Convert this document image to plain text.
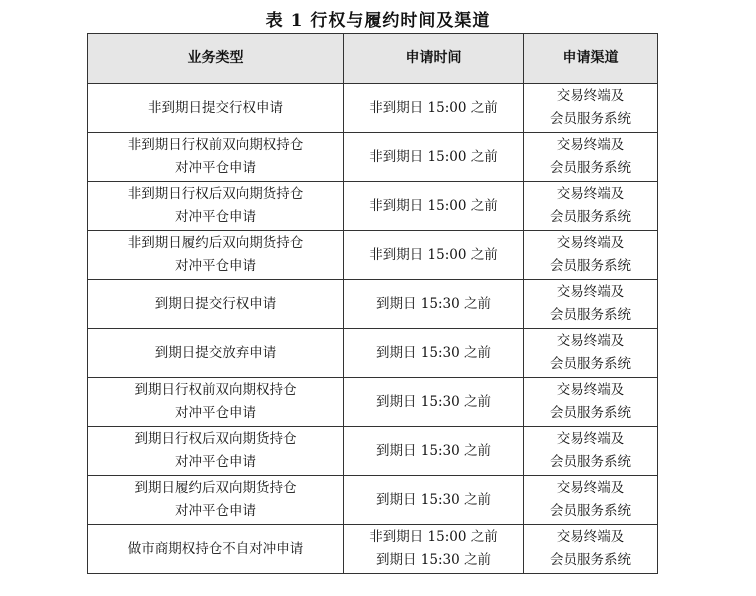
表 1 行权与履约时间及渠道
业务类型	申请时间	申请渠道

非到期日提交行权申请	非到期日 15:00 之前	交易终端及
会员服务系统

非到期日行权前双向期权持仓
对冲平仓申请	非到期日 15:00 之前	交易终端及
会员服务系统

非到期日行权后双向期货持仓
对冲平仓申请	非到期日 15:00 之前	交易终端及
会员服务系统

非到期日履约后双向期货持仓
对冲平仓申请	非到期日 15:00 之前	交易终端及
会员服务系统

到期日提交行权申请	到期日 15:30 之前	交易终端及
会员服务系统

到期日提交放弃申请	到期日 15:30 之前	交易终端及
会员服务系统

到期日行权前双向期权持仓
对冲平仓申请	到期日 15:30 之前	交易终端及
会员服务系统

到期日行权后双向期货持仓
对冲平仓申请	到期日 15:30 之前	交易终端及
会员服务系统

到期日履约后双向期货持仓
对冲平仓申请	到期日 15:30 之前	交易终端及
会员服务系统

做市商期权持仓不自对冲申请	非到期日 15:00 之前
到期日 15:30 之前	交易终端及
会员服务系统
